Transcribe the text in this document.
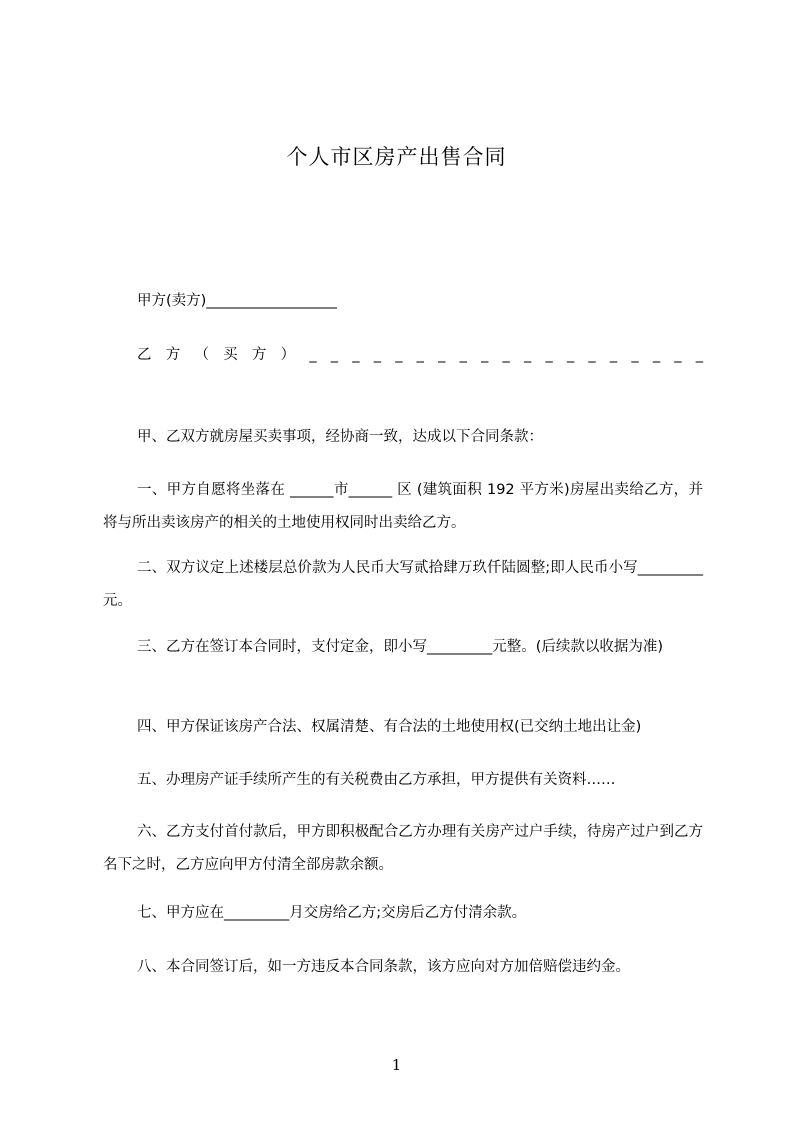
个人市区房产出售合同
甲方(卖方)__________________
乙 方 （ 买 方 ） _ _ _ _ _ _ _ _ _ _ _ _ _ _ _ _ _ _ _
甲、乙双方就房屋买卖事项，经协商一致，达成以下合同条款：
一、甲方自愿将坐落在 ______市______ 区 (建筑面积 192 平方米)房屋出卖给乙方，并将与所出卖该房产的相关的土地使用权同时出卖给乙方。
二、双方议定上述楼层总价款为人民币大写贰拾肆万玖仟陆圆整;即人民币小写_________元。
三、乙方在签订本合同时，支付定金，即小写_________元整。(后续款以收据为准)
四、甲方保证该房产合法、权属清楚、有合法的土地使用权(已交纳土地出让金)
五、办理房产证手续所产生的有关税费由乙方承担，甲方提供有关资料……
六、乙方支付首付款后，甲方即积极配合乙方办理有关房产过户手续，待房产过户到乙方名下之时，乙方应向甲方付清全部房款余额。
七、甲方应在_________月交房给乙方;交房后乙方付清余款。
八、本合同签订后，如一方违反本合同条款，该方应向对方加倍赔偿违约金。
1
